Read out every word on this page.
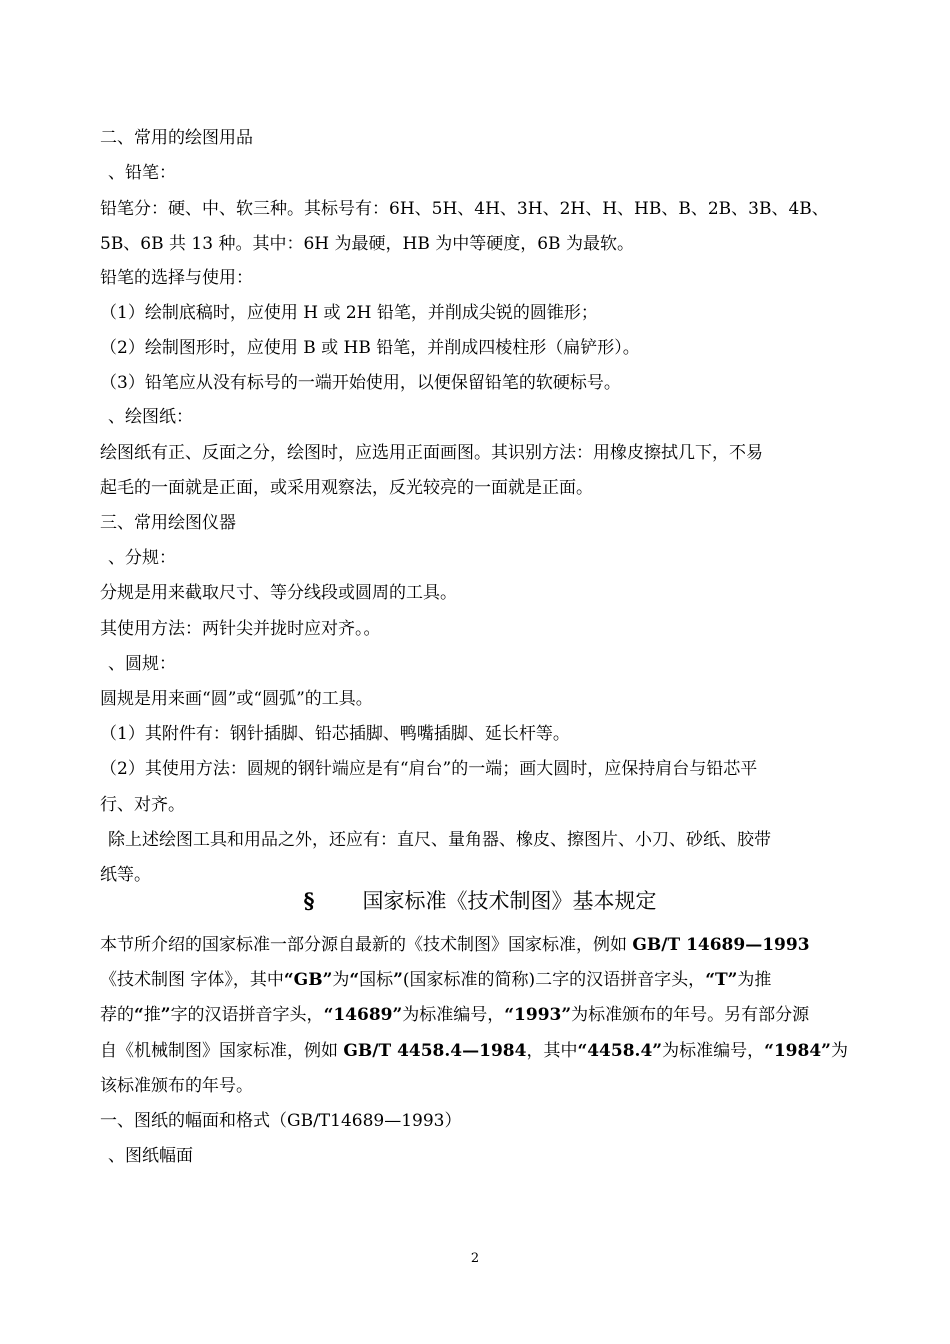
二、常用的绘图用品
、铅笔：
铅笔分：硬、中、软三种。其标号有：6H、5H、4H、3H、2H、H、HB、B、2B、3B、4B、
5B、6B 共 13 种。其中：6H 为最硬，HB 为中等硬度，6B 为最软。
铅笔的选择与使用：
（1）绘制底稿时，应使用 H 或 2H 铅笔，并削成尖锐的圆锥形；
（2）绘制图形时，应使用 B 或 HB 铅笔，并削成四棱柱形（扁铲形）。
（3）铅笔应从没有标号的一端开始使用，以便保留铅笔的软硬标号。
、绘图纸：
绘图纸有正、反面之分，绘图时，应选用正面画图。其识别方法：用橡皮擦拭几下，不易
起毛的一面就是正面，或采用观察法，反光较亮的一面就是正面。
三、常用绘图仪器
、分规：
分规是用来截取尺寸、等分线段或圆周的工具。
其使用方法：两针尖并拢时应对齐。。
、圆规：
圆规是用来画“圆”或“圆弧”的工具。
（1）其附件有：钢针插脚、铅芯插脚、鸭嘴插脚、延长杆等。
（2）其使用方法：圆规的钢针端应是有“肩台”的一端；画大圆时，应保持肩台与铅芯平
行、对齐。
除上述绘图工具和用品之外，还应有：直尺、量角器、橡皮、擦图片、小刀、砂纸、胶带
纸等。
§ 国家标准《技术制图》基本规定
本节所介绍的国家标准一部分源自最新的《技术制图》国家标准，例如 GB/T 14689—1993
《技术制图 字体》，其中“GB”为“国标”(国家标准的简称)二字的汉语拼音字头，“T”为推
荐的“推”字的汉语拼音字头，“14689”为标准编号，“1993”为标准颁布的年号。另有部分源
自《机械制图》国家标准，例如 GB/T 4458.4—1984，其中“4458.4”为标准编号，“1984”为
该标准颁布的年号。
一、图纸的幅面和格式（GB/T14689—1993）
、图纸幅面
2
